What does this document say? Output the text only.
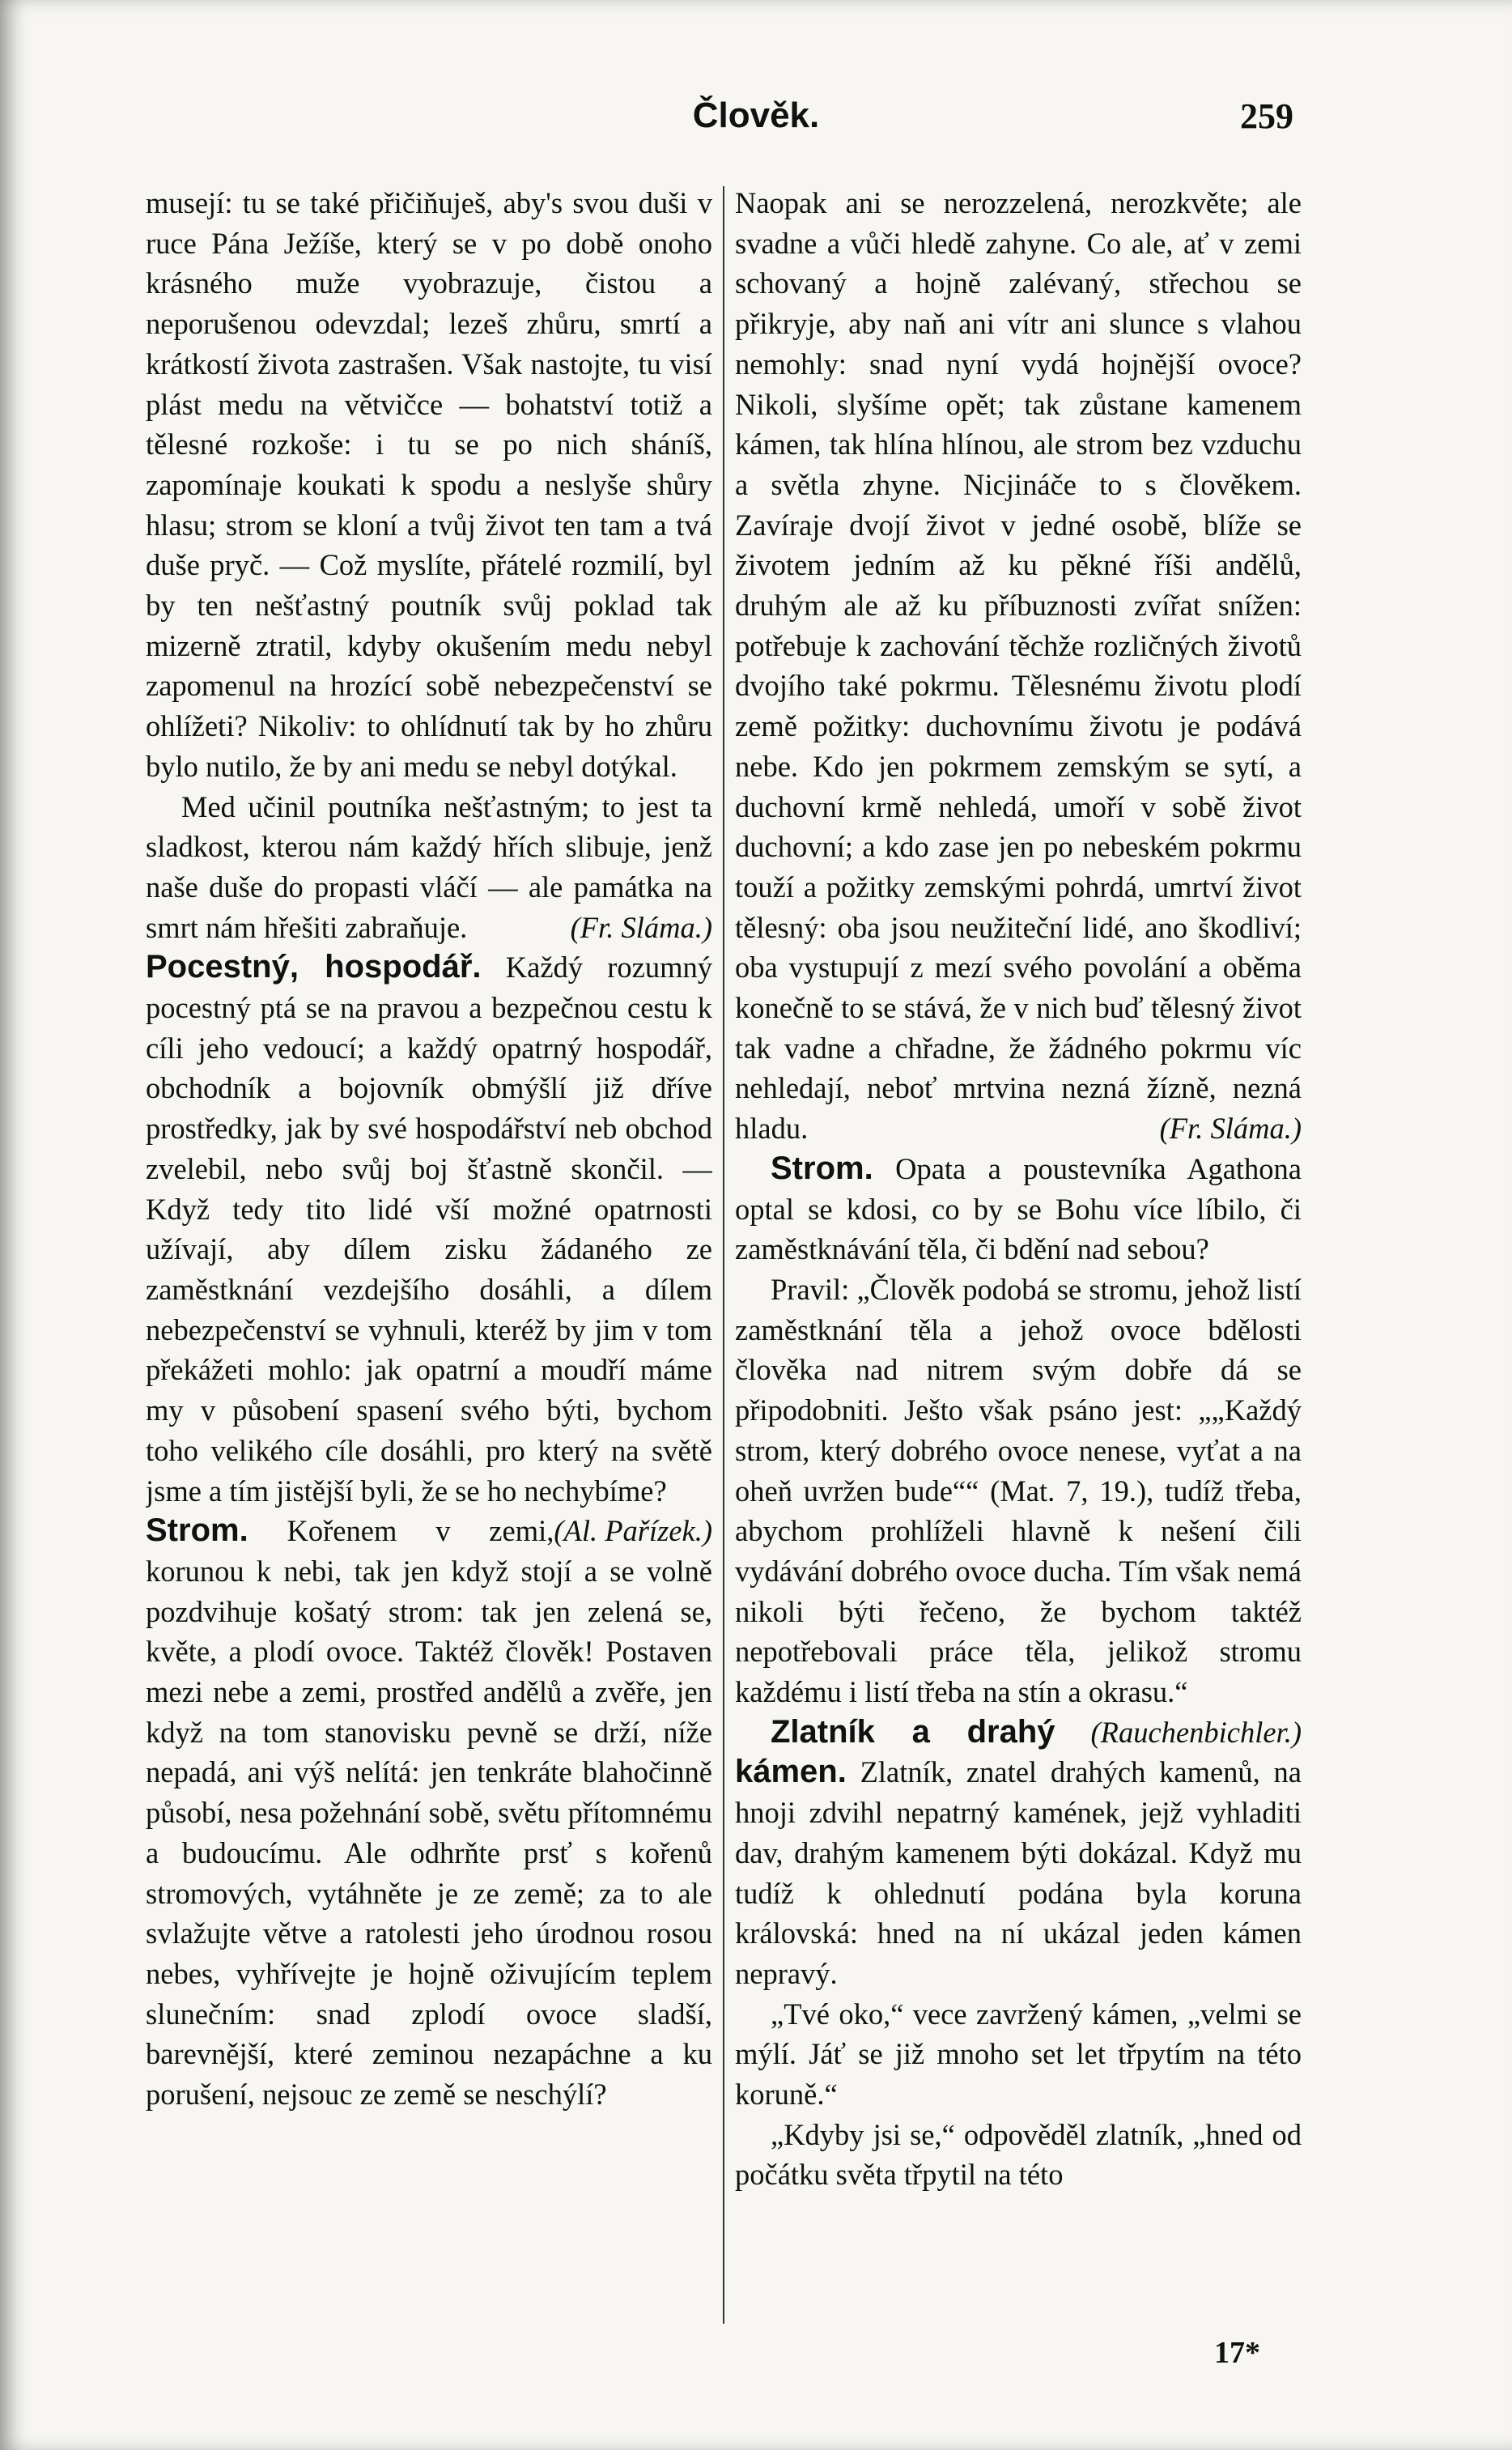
Člověk.	259

musejí: tu se také přičiňuješ, aby's svou duši v ruce Pána Ježíše, který se v po době onoho krásného muže vyobrazuje, čistou a neporušenou odevzdal; lezeš zhůru, smrtí a krátkostí života zastrašen. Však nastojte, tu visí plást medu na větvičce — bohatství totiž a tělesné rozkoše: i tu se po nich sháníš, zapomínaje koukati k spodu a neslyše shůry hlasu; strom se kloní a tvůj život ten tam a tvá duše pryč. — Což myslíte, přátelé rozmilí, byl by ten nešťastný poutník svůj poklad tak mizerně ztratil, kdyby okušením medu nebyl zapomenul na hrozící sobě nebezpečenství se ohlížeti? Nikoliv: to ohlídnutí tak by ho zhůru bylo nutilo, že by ani medu se nebyl dotýkal.

Med učinil poutníka nešťastným; to jest ta sladkost, kterou nám každý hřích slibuje, jenž naše duše do propasti vláčí — ale památka na smrt nám hřešiti zabraňuje.	(Fr. Sláma.)

Pocestný, hospodář. Každý rozumný pocestný ptá se na pravou a bezpečnou cestu k cíli jeho vedoucí; a každý opatrný hospodář, obchodník a bojovník obmýšlí již dříve prostředky, jak by své hospodářství neb obchod zvelebil, nebo svůj boj šťastně skončil. — Když tedy tito lidé vší možné opatrnosti užívají, aby dílem zisku žádaného ze zaměstknání vezdejšího dosáhli, a dílem nebezpečenství se vyhnuli, kteréž by jim v tom překážeti mohlo: jak opatrní a moudří máme my v působení spasení svého býti, bychom toho velikého cíle dosáhli, pro který na světě jsme a tím jistější byli, že se ho nechybíme?
(Al. Pařízek.)

Strom. Kořenem v zemi, korunou k nebi, tak jen když stojí a se volně pozdvihuje košatý strom: tak jen zelená se, květe, a plodí ovoce. Taktéž člověk! Postaven mezi nebe a zemi, prostřed andělů a zvěře, jen když na tom stanovisku pevně se drží, níže nepadá, ani výš nelítá: jen tenkráte blahočinně působí, nesa požehnání sobě, světu přítomnému a budoucímu. Ale odhrňte prsť s kořenů stromových, vytáhněte je ze země; za to ale svlažujte větve a ratolesti jeho úrodnou rosou nebes, vyhřívejte je hojně oživujícím teplem slunečním: snad zplodí ovoce sladší, barevnější, které zeminou nezapáchne a ku porušení, nejsouc ze země se neschýlí?

Naopak ani se nerozzelená, nerozkvěte; ale svadne a vůči hledě zahyne. Co ale, ať v zemi schovaný a hojně zalévaný, střechou se přikryje, aby naň ani vítr ani slunce s vlahou nemohly: snad nyní vydá hojnější ovoce? Nikoli, slyšíme opět; tak zůstane kamenem kámen, tak hlína hlínou, ale strom bez vzduchu a světla zhyne. Nicjináče to s člověkem. Zavíraje dvojí život v jedné osobě, blíže se životem jedním až ku pěkné říši andělů, druhým ale až ku příbuznosti zvířat snížen: potřebuje k zachování těchže rozličných životů dvojího také pokrmu. Tělesnému životu plodí země požitky: duchovnímu životu je podává nebe. Kdo jen pokrmem zemským se sytí, a duchovní krmě nehledá, umoří v sobě život duchovní; a kdo zase jen po nebeském pokrmu touží a požitky zemskými pohrdá, umrtví život tělesný: oba jsou neužiteční lidé, ano škodliví; oba vystupují z mezí svého povolání a oběma konečně to se stává, že v nich buď tělesný život tak vadne a chřadne, že žádného pokrmu víc nehledají, neboť mrtvina nezná žízně, nezná hladu.	(Fr. Sláma.)

Strom. Opata a poustevníka Agathona optal se kdosi, co by se Bohu více líbilo, či zaměstknávání těla, či bdění nad sebou?

Pravil: „Člověk podobá se stromu, jehož listí zaměstknání těla a jehož ovoce bdělosti člověka nad nitrem svým dobře dá se připodobniti. Ješto však psáno jest: „„Každý strom, který dobrého ovoce nenese, vyťat a na oheň uvržen bude““ (Mat. 7, 19.), tudíž třeba, abychom prohlíželi hlavně k nešení čili vydávání dobrého ovoce ducha. Tím však nemá nikoli býti řečeno, že bychom taktéž nepotřebovali práce těla, jelikož stromu každému i listí třeba na stín a okrasu.“
(Rauchenbichler.)

Zlatník a drahý kámen. Zlatník, znatel drahých kamenů, na hnoji zdvihl nepatrný kamének, jejž vyhladiti dav, drahým kamenem býti dokázal. Když mu tudíž k ohlednutí podána byla koruna královská: hned na ní ukázal jeden kámen nepravý.

„Tvé oko,“ vece zavržený kámen, „velmi se mýlí. Jáť se již mnoho set let třpytím na této koruně.“

„Kdyby jsi se,“ odpověděl zlatník, „hned od počátku světa třpytil na této

17*
